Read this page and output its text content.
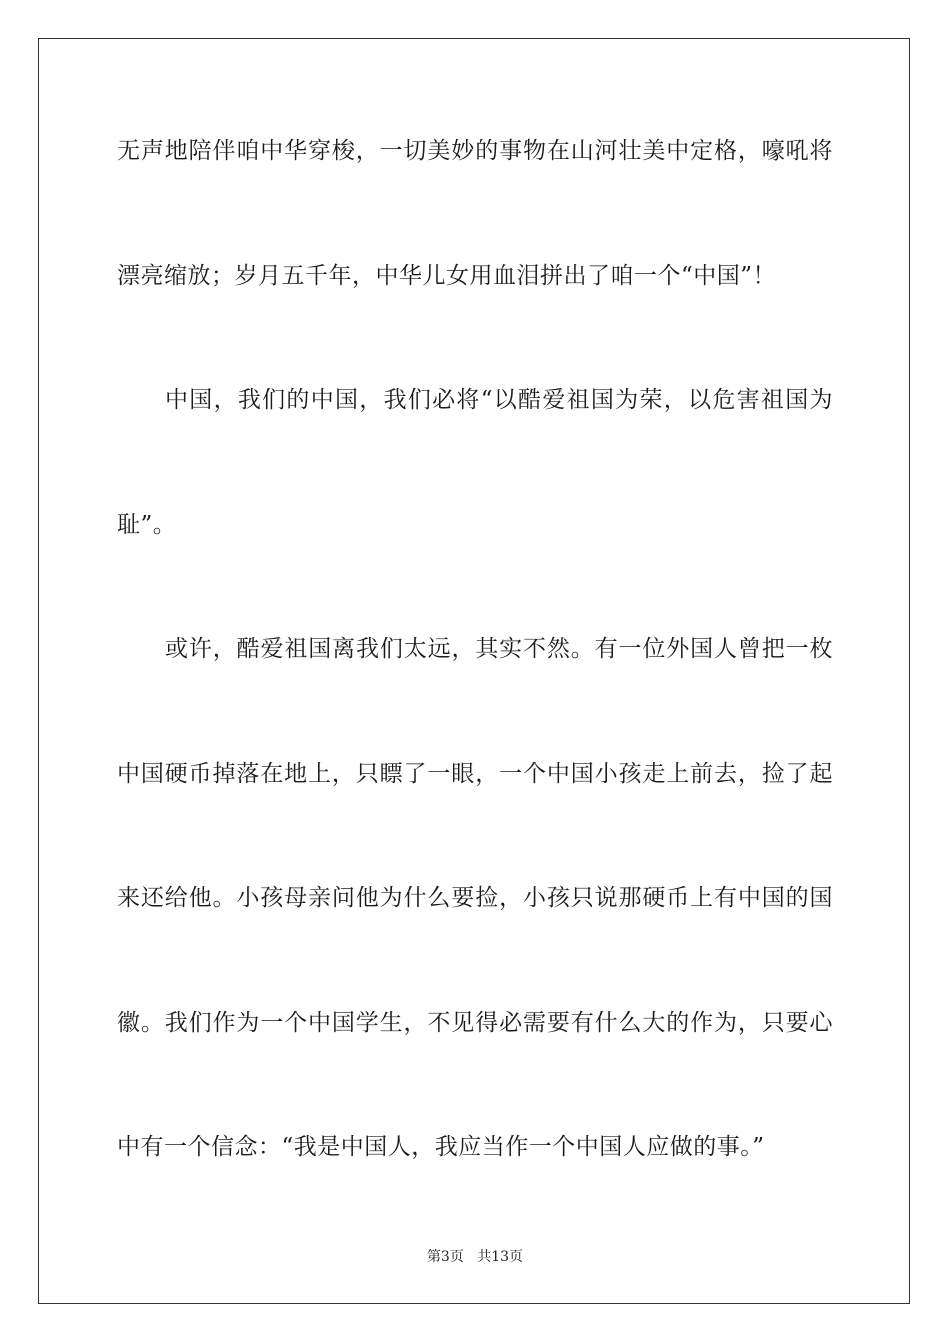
无声地陪伴咱中华穿梭，一切美妙的事物在山河壮美中定格，嚎吼将
漂亮缩放；岁月五千年，中华儿女用血泪拼出了咱一个“中国”！
中国，我们的中国，我们必将“以酷爱祖国为荣，以危害祖国为
耻”。
或许，酷爱祖国离我们太远，其实不然。有一位外国人曾把一枚
中国硬币掉落在地上，只瞟了一眼，一个中国小孩走上前去，捡了起
来还给他。小孩母亲问他为什么要捡，小孩只说那硬币上有中国的国
徽。我们作为一个中国学生，不见得必需要有什么大的作为，只要心
中有一个信念：“我是中国人，我应当作一个中国人应做的事。”
第3页 共13页
